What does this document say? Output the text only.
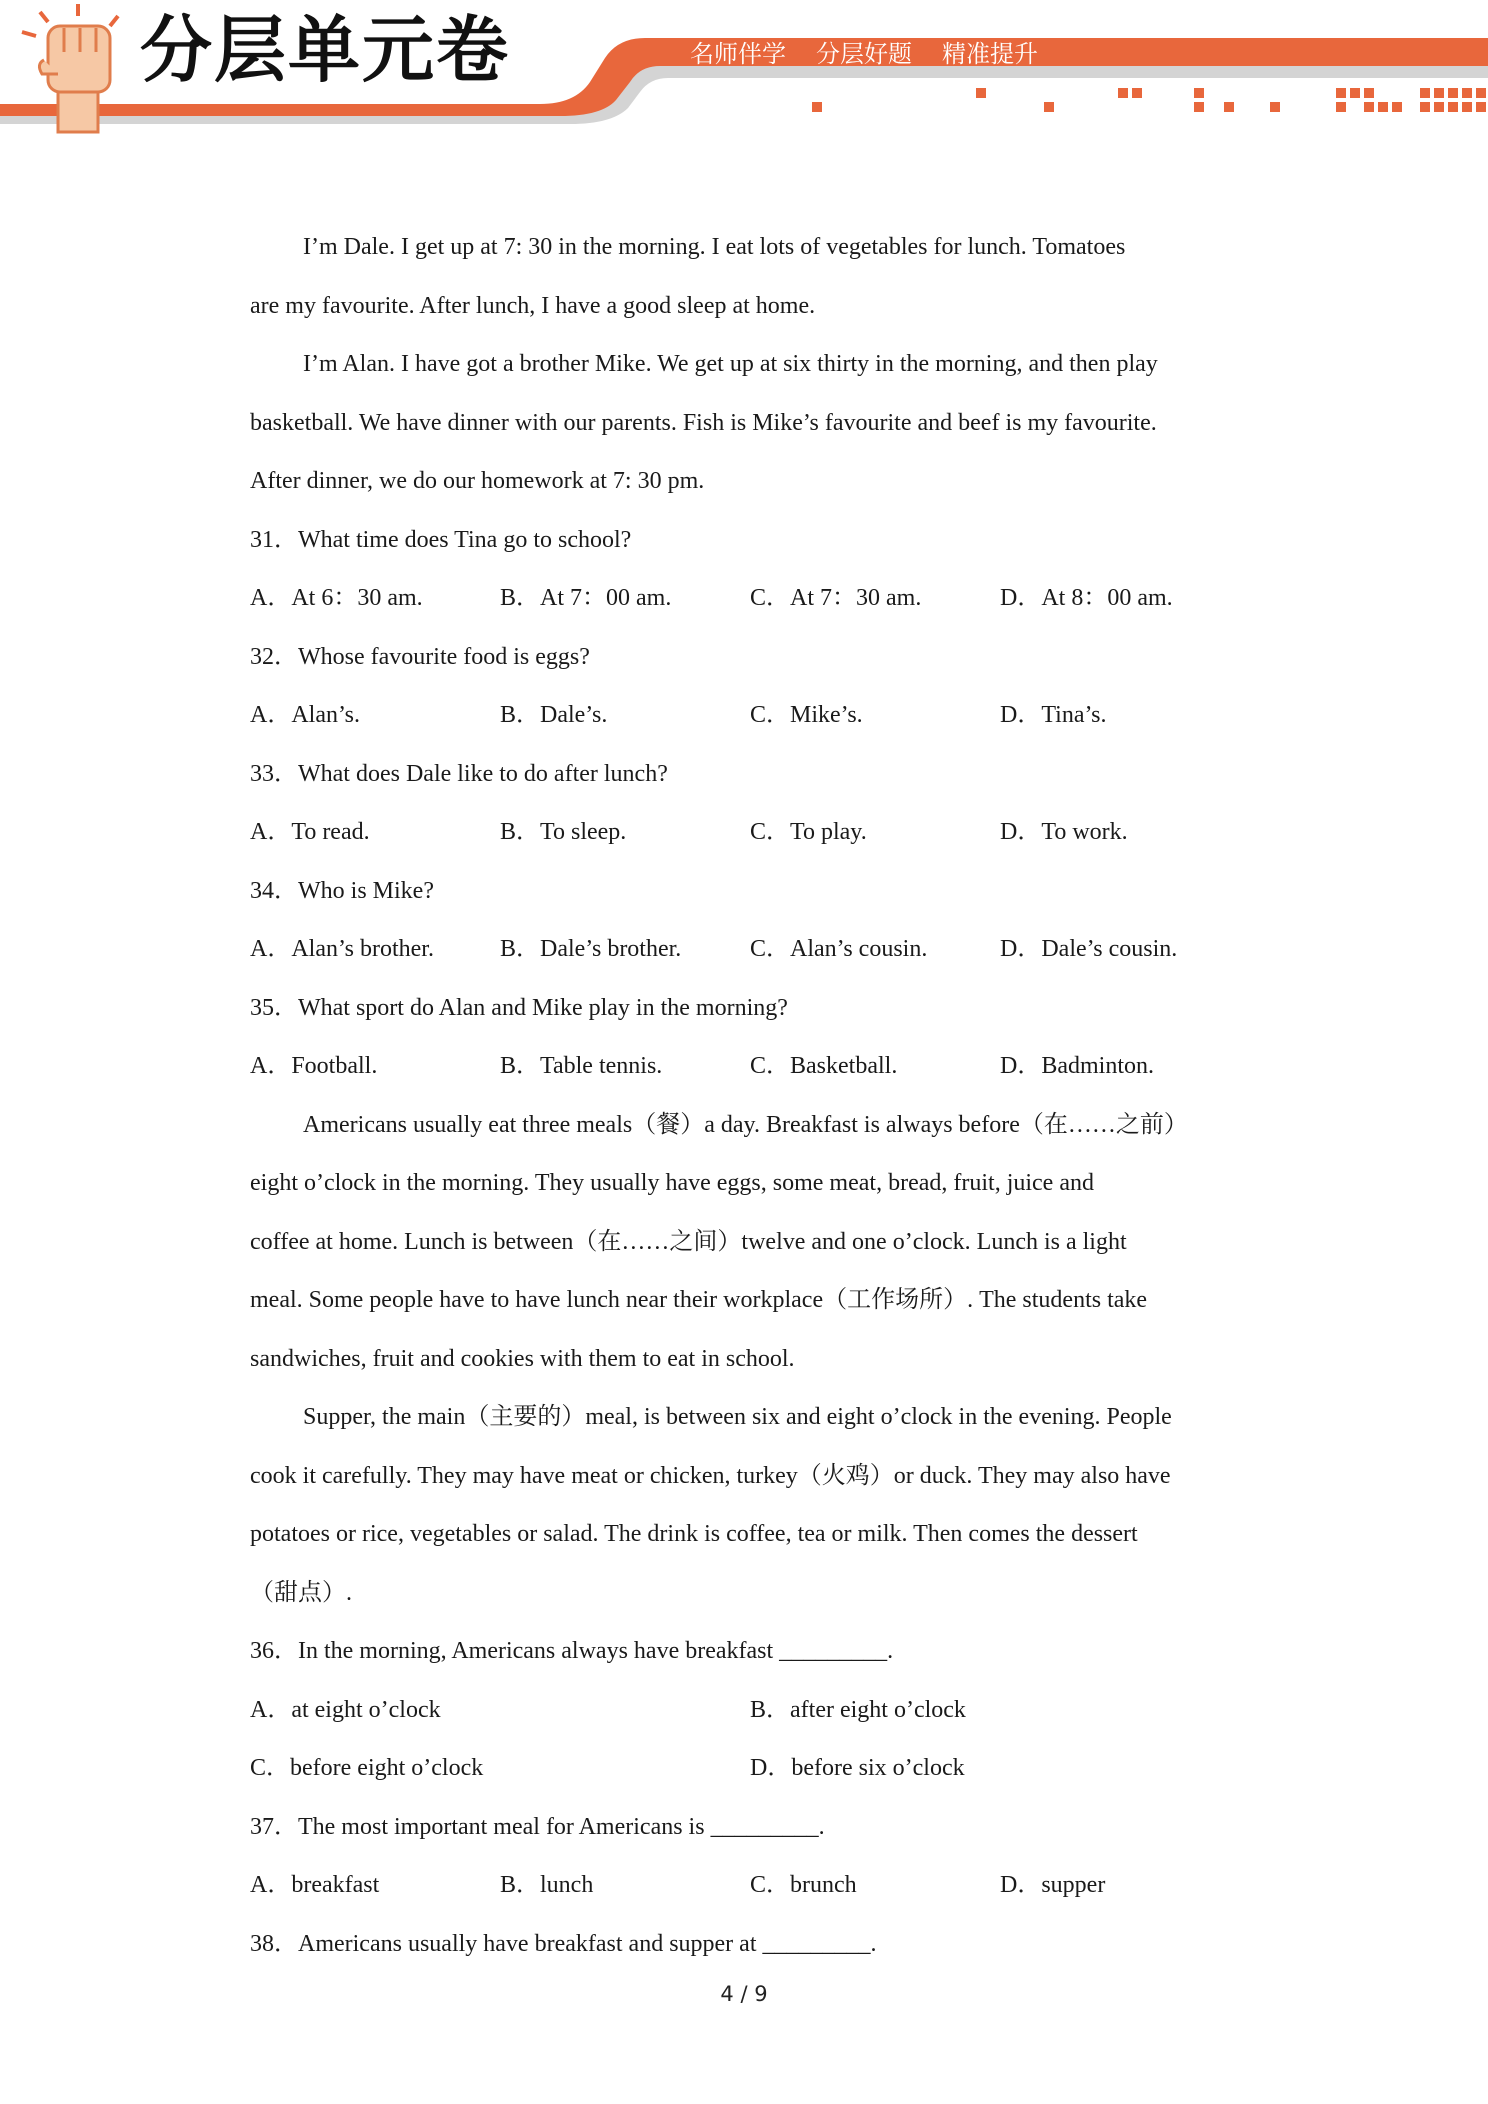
分层单元卷	名师伴学 分层好题 精准提升
I’m Dale. I get up at 7: 30 in the morning. I eat lots of vegetables for lunch. Tomatoes
are my favourite. After lunch, I have a good sleep at home.
I’m Alan. I have got a brother Mike. We get up at six thirty in the morning, and then play
basketball. We have dinner with our parents. Fish is Mike’s favourite and beef is my favourite.
After dinner, we do our homework at 7: 30 pm.
31．What time does Tina go to school?
A．At 6：30 am.	B．At 7：00 am.	C．At 7：30 am.	D．At 8：00 am.
32．Whose favourite food is eggs?
A．Alan’s.	B．Dale’s.	C．Mike’s.	D．Tina’s.
33．What does Dale like to do after lunch?
A．To read.	B．To sleep.	C．To play.	D．To work.
34．Who is Mike?
A．Alan’s brother.	B．Dale’s brother.	C．Alan’s cousin.	D．Dale’s cousin.
35．What sport do Alan and Mike play in the morning?
A．Football.	B．Table tennis.	C．Basketball.	D．Badminton.
Americans usually eat three meals（餐）a day. Breakfast is always before（在……之前）
eight o’clock in the morning. They usually have eggs, some meat, bread, fruit, juice and
coffee at home. Lunch is between（在……之间）twelve and one o’clock. Lunch is a light
meal. Some people have to have lunch near their workplace（工作场所）. The students take
sandwiches, fruit and cookies with them to eat in school.
Supper, the main（主要的）meal, is between six and eight o’clock in the evening. People
cook it carefully. They may have meat or chicken, turkey（火鸡）or duck. They may also have
potatoes or rice, vegetables or salad. The drink is coffee, tea or milk. Then comes the dessert
（甜点）.
36．In the morning, Americans always have breakfast _________.
A．at eight o’clock	B．after eight o’clock
C．before eight o’clock	D．before six o’clock
37．The most important meal for Americans is _________.
A．breakfast	B．lunch	C．brunch	D．supper
38．Americans usually have breakfast and supper at _________.
4 / 9
